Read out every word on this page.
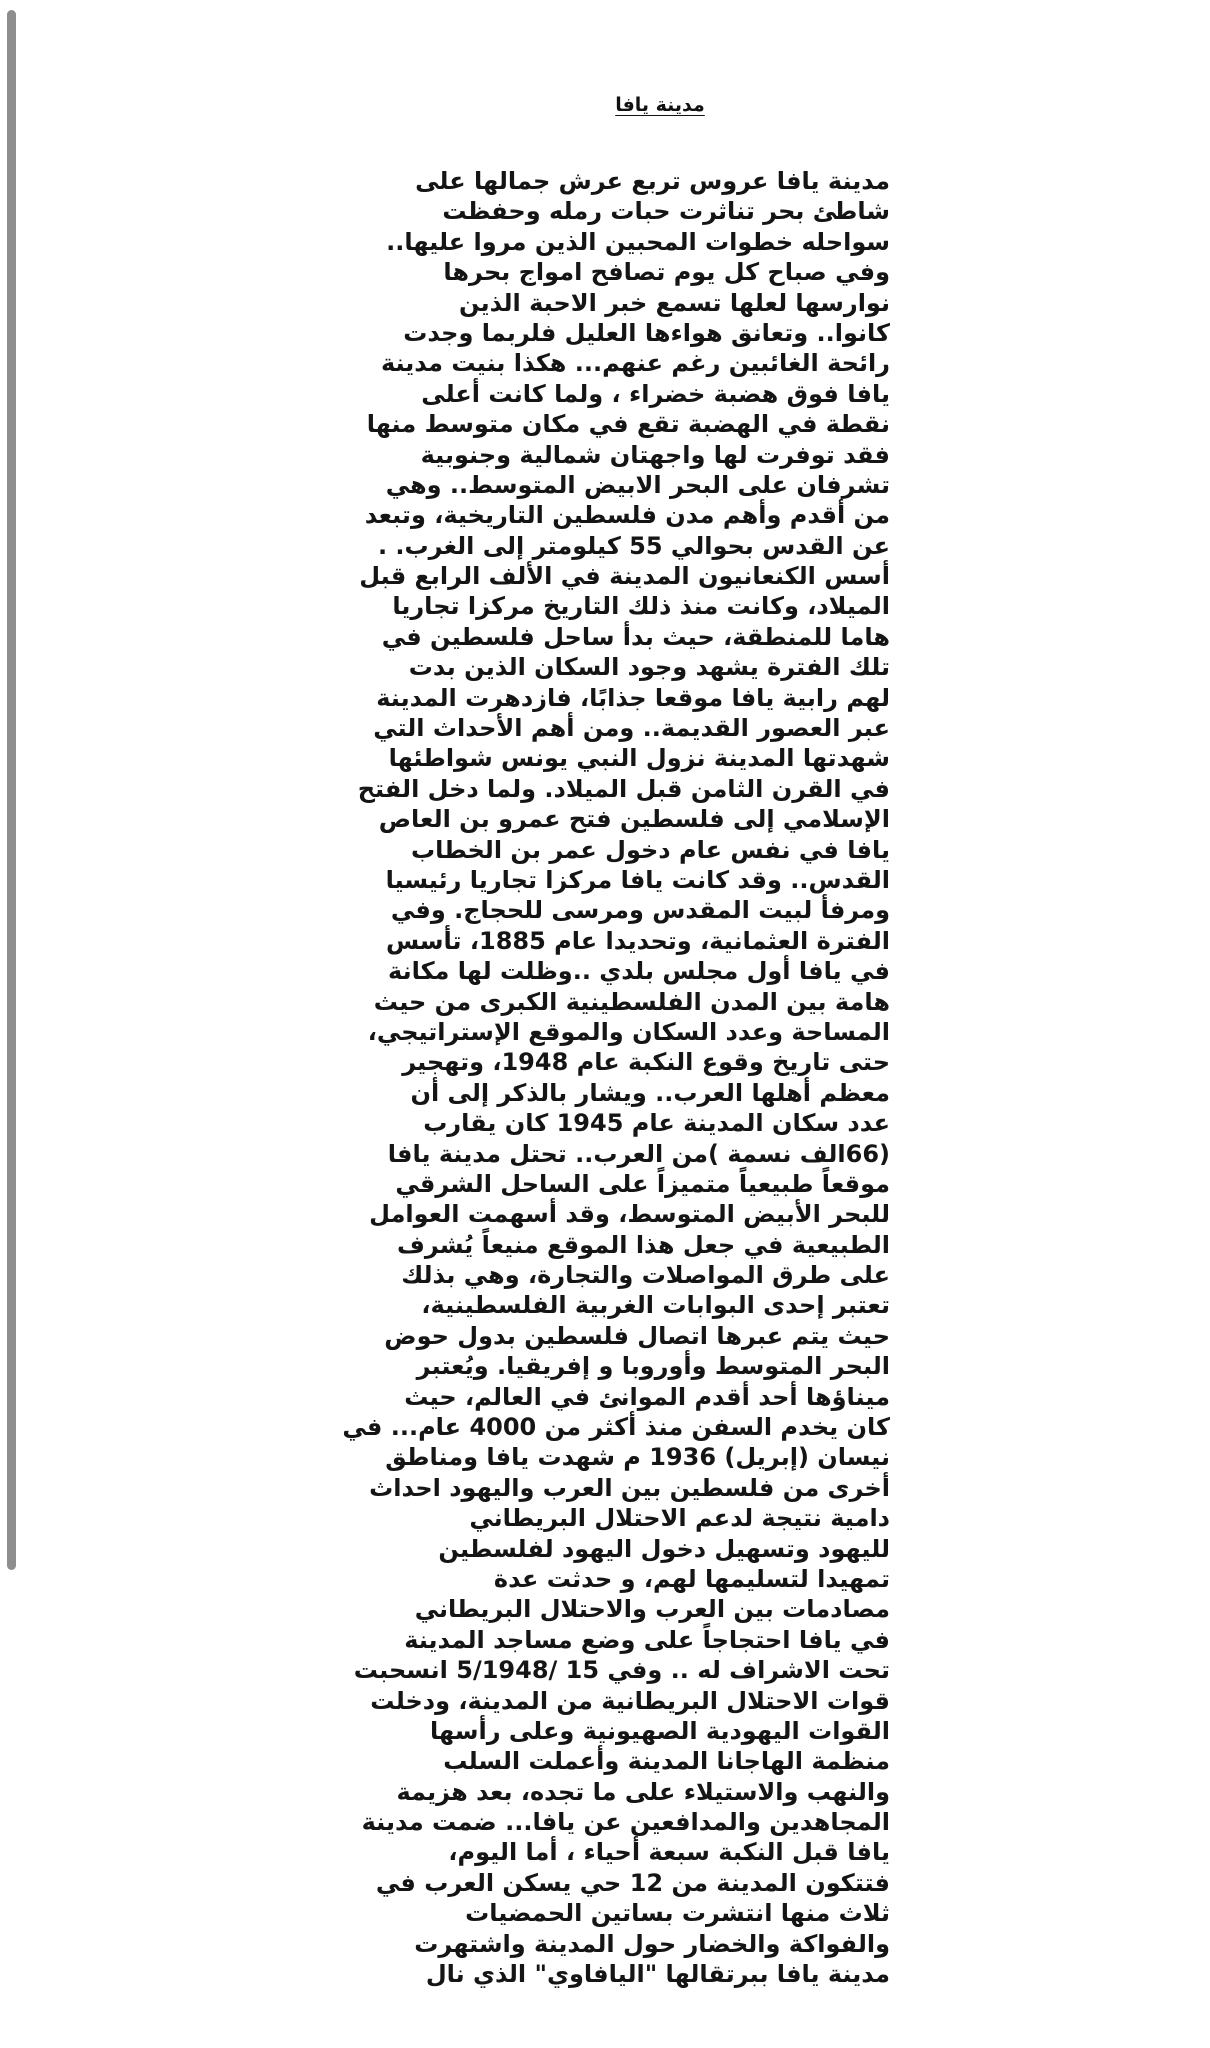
مدينة يافا
مدينة يافا عروس تربع عرش جمالها على
شاطئ بحر تناثرت حبات رمله وحفظت
سواحله خطوات المحبين الذين مروا عليها..
وفي صباح كل يوم تصافح امواج بحرها
نوارسها لعلها تسمع خبر الاحبة الذين
كانوا.. وتعانق هواءها العليل فلربما وجدت
رائحة الغائبين رغم عنهم... هكذا بنيت مدينة
يافا فوق هضبة خضراء ، ولما كانت أعلى
نقطة في الهضبة تقع في مكان متوسط منها
فقد توفرت لها واجهتان شمالية وجنوبية
تشرفان على البحر الابيض المتوسط.. وهي
من أقدم وأهم مدن فلسطين التاريخية، وتبعد
عن القدس بحوالي 55 كيلومتر إلى الغرب. .
أسس الكنعانيون المدينة في الألف الرابع قبل
الميلاد، وكانت منذ ذلك التاريخ مركزا تجاريا
هاما للمنطقة، حيث بدأ ساحل فلسطين في
تلك الفترة يشهد وجود السكان الذين بدت
لهم رابية يافا موقعا جذابًا، فازدهرت المدينة
عبر العصور القديمة.. ومن أهم الأحداث التي
شهدتها المدينة نزول النبي يونس شواطئها
في القرن الثامن قبل الميلاد. ولما دخل الفتح
الإسلامي إلى فلسطين فتح عمرو بن العاص
يافا في نفس عام دخول عمر بن الخطاب
القدس.. وقد كانت يافا مركزا تجاريا رئيسيا
ومرفأ لبيت المقدس ومرسى للحجاج. وفي
الفترة العثمانية، وتحديدا عام 1885، تأسس
في يافا أول مجلس بلدي ..وظلت لها مكانة
هامة بين المدن الفلسطينية الكبرى من حيث
المساحة وعدد السكان والموقع الإستراتيجي،
حتى تاريخ وقوع النكبة عام 1948، وتهجير
معظم أهلها العرب.. ويشار بالذكر إلى أن
عدد سكان المدينة عام 1945 كان يقارب
(66الف نسمة )من العرب.. تحتل مدينة يافا
موقعاً طبيعياً متميزاً على الساحل الشرقي
للبحر الأبيض المتوسط، وقد أسهمت العوامل
الطبيعية في جعل هذا الموقع منيعاً يُشرف
على طرق المواصلات والتجارة، وهي بذلك
تعتبر إحدى البوابات الغربية الفلسطينية،
حيث يتم عبرها اتصال فلسطين بدول حوض
البحر المتوسط وأوروبا و إفريقيا. ويُعتبر
ميناؤها أحد أقدم الموانئ في العالم، حيث
كان يخدم السفن منذ أكثر من 4000 عام... في
نيسان (إبريل) 1936 م شهدت يافا ومناطق
أخرى من فلسطين بين العرب واليهود احداث
دامية نتيجة لدعم الاحتلال البريطاني
لليهود وتسهيل دخول اليهود لفلسطين
تمهيدا لتسليمها لهم، و حدثت عدة
مصادمات بين العرب والاحتلال البريطاني
في يافا احتجاجاً على وضع مساجد المدينة
تحت الاشراف له .. وفي 15 /5/1948 انسحبت
قوات الاحتلال البريطانية من المدينة، ودخلت
القوات اليهودية الصهيونية وعلى رأسها
منظمة الهاجانا المدينة وأعملت السلب
والنهب والاستيلاء على ما تجده، بعد هزيمة
المجاهدين والمدافعين عن يافا... ضمت مدينة
يافا قبل النكبة سبعة أحياء ، أما اليوم،
فتتكون المدينة من 12 حي يسكن العرب في
ثلاث منها انتشرت بساتين الحمضيات
والفواكة والخضار حول المدينة واشتهرت
مدينة يافا ببرتقالها "اليافاوي" الذي نال
